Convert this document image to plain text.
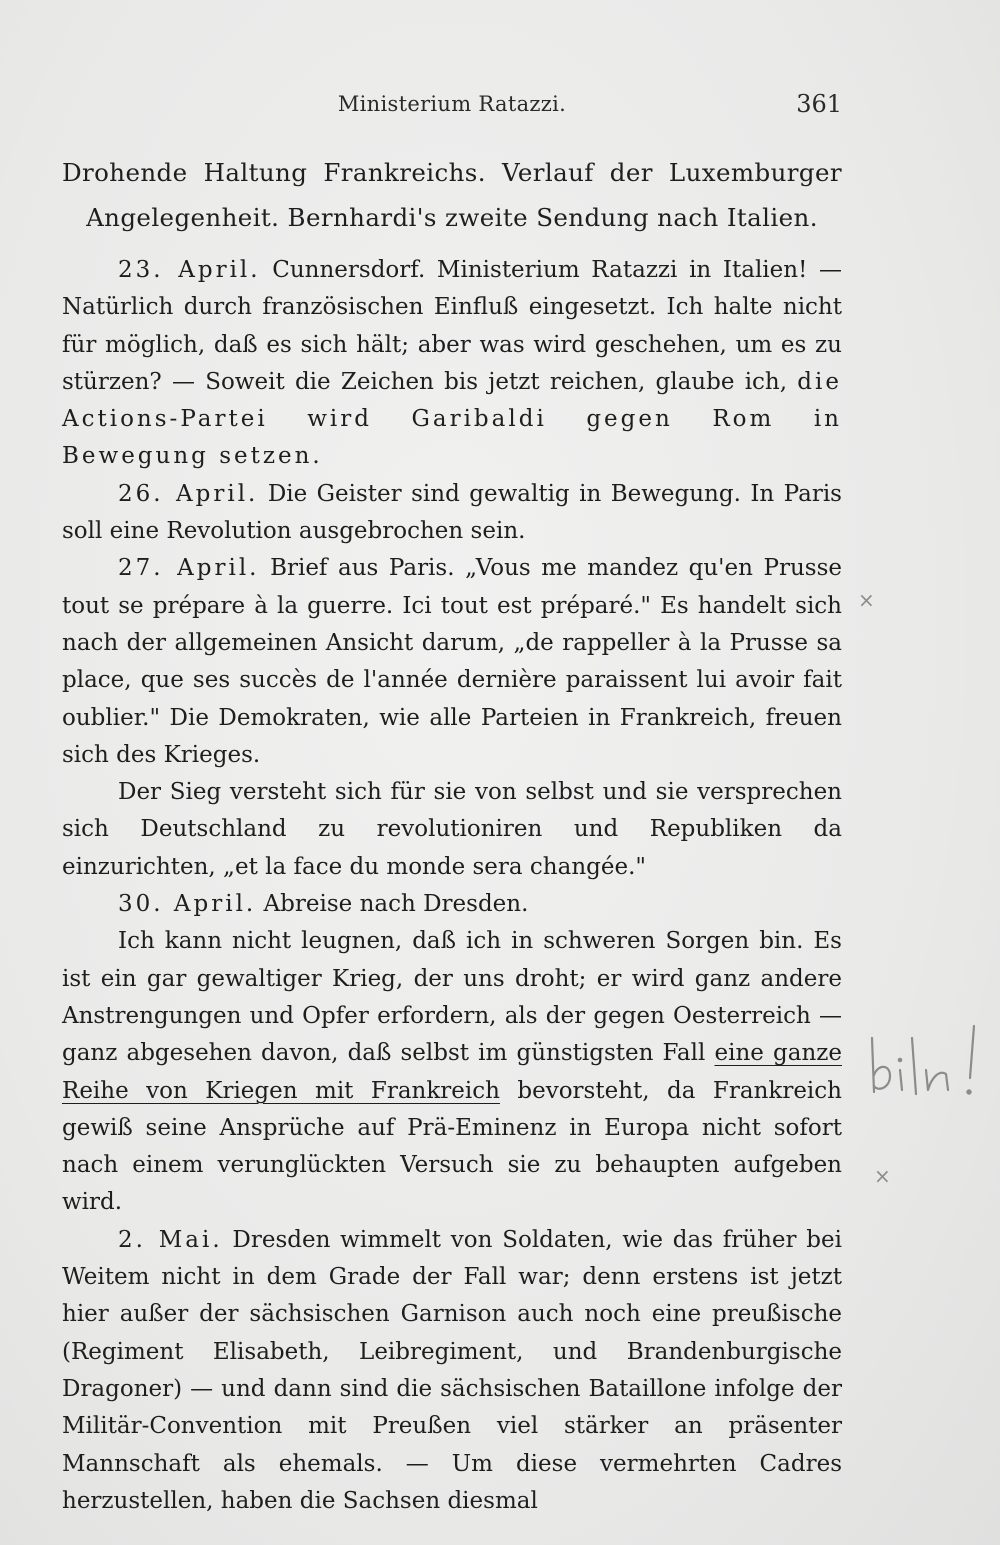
Ministerium Ratazzi.	361

Drohende Haltung Frankreichs. Verlauf der Luxemburger Angelegenheit. Bernhardi's zweite Sendung nach Italien.

23. April. Cunnersdorf. Ministerium Ratazzi in Italien! — Natürlich durch französischen Einfluß eingesetzt. Ich halte nicht für möglich, daß es sich hält; aber was wird geschehen, um es zu stürzen? — Soweit die Zeichen bis jetzt reichen, glaube ich, die Actions-Partei wird Garibaldi gegen Rom in Bewegung setzen.

26. April. Die Geister sind gewaltig in Bewegung. In Paris soll eine Revolution ausgebrochen sein.

27. April. Brief aus Paris. „Vous me mandez qu'en Prusse tout se prépare à la guerre. Ici tout est préparé." Es handelt sich nach der allgemeinen Ansicht darum, „de rappeller à la Prusse sa place, que ses succès de l'année dernière paraissent lui avoir fait oublier." Die Demokraten, wie alle Parteien in Frankreich, freuen sich des Krieges.

Der Sieg versteht sich für sie von selbst und sie versprechen sich Deutschland zu revolutioniren und Republiken da einzurichten, „et la face du monde sera changée."

30. April. Abreise nach Dresden.

Ich kann nicht leugnen, daß ich in schweren Sorgen bin. Es ist ein gar gewaltiger Krieg, der uns droht; er wird ganz andere Anstrengungen und Opfer erfordern, als der gegen Oesterreich — ganz abgesehen davon, daß selbst im günstigsten Fall eine ganze Reihe von Kriegen mit Frankreich bevorsteht, da Frankreich gewiß seine Ansprüche auf Prä-Eminenz in Europa nicht sofort nach einem verunglückten Versuch sie zu behaupten aufgeben wird.

2. Mai. Dresden wimmelt von Soldaten, wie das früher bei Weitem nicht in dem Grade der Fall war; denn erstens ist jetzt hier außer der sächsischen Garnison auch noch eine preußische (Regiment Elisabeth, Leibregiment, und Brandenburgische Dragoner) — und dann sind die sächsischen Bataillone infolge der Militär-Convention mit Preußen viel stärker an präsenter Mannschaft als ehemals. — Um diese vermehrten Cadres herzustellen, haben die Sachsen diesmal

×
×
